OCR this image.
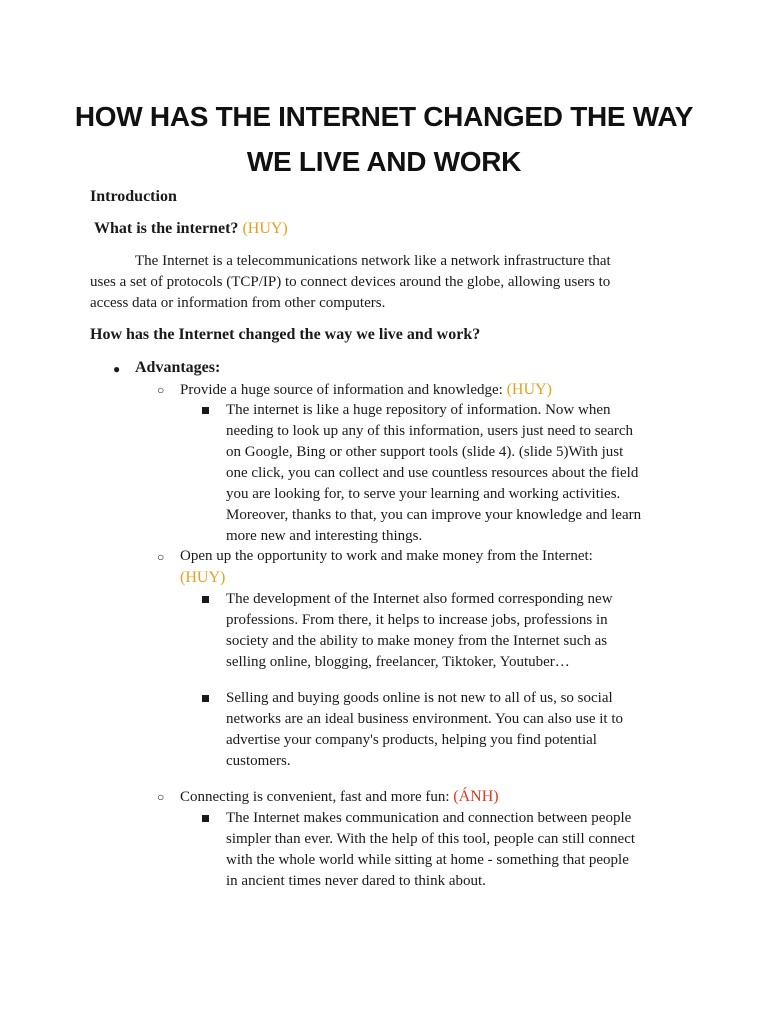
HOW HAS THE INTERNET CHANGED THE WAY
WE LIVE AND WORK
Introduction
What is the internet? (HUY)
The Internet is a telecommunications network like a network infrastructure that
uses a set of protocols (TCP/IP) to connect devices around the globe, allowing users to
access data or information from other computers.
How has the Internet changed the way we live and work?
● Advantages:
○ Provide a huge source of information and knowledge: (HUY)
The internet is like a huge repository of information. Now when
needing to look up any of this information, users just need to search
on Google, Bing or other support tools (slide 4). (slide 5)With just
one click, you can collect and use countless resources about the field
you are looking for, to serve your learning and working activities.
Moreover, thanks to that, you can improve your knowledge and learn
more new and interesting things.
○ Open up the opportunity to work and make money from the Internet:
(HUY)
The development of the Internet also formed corresponding new
professions. From there, it helps to increase jobs, professions in
society and the ability to make money from the Internet such as
selling online, blogging, freelancer, Tiktoker, Youtuber…
Selling and buying goods online is not new to all of us, so social
networks are an ideal business environment. You can also use it to
advertise your company's products, helping you find potential
customers.
○ Connecting is convenient, fast and more fun: (ÁNH)
The Internet makes communication and connection between people
simpler than ever. With the help of this tool, people can still connect
with the whole world while sitting at home - something that people
in ancient times never dared to think about.
